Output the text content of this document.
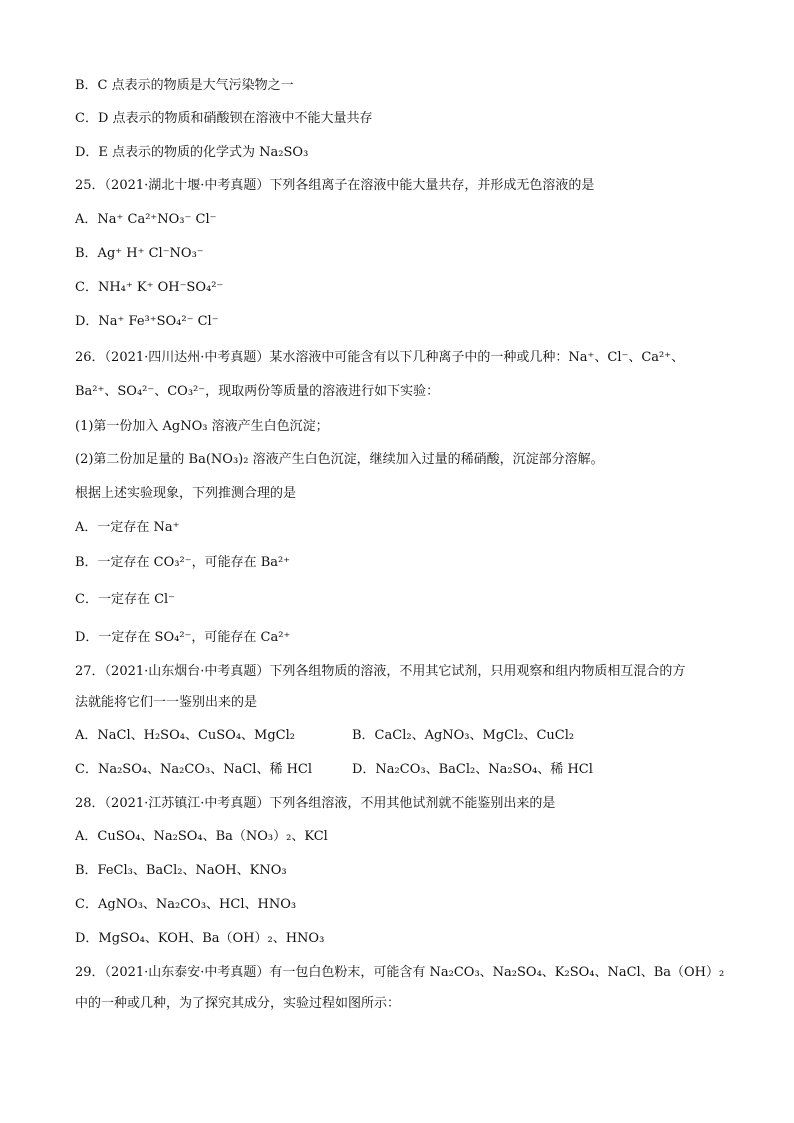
B．C 点表示的物质是大气污染物之一
C．D 点表示的物质和硝酸钡在溶液中不能大量共存
D．E 点表示的物质的化学式为 Na₂SO₃
25．（2021·湖北十堰·中考真题）下列各组离子在溶液中能大量共存，并形成无色溶液的是
A．Na⁺ Ca²⁺NO₃⁻ Cl⁻
B．Ag⁺ H⁺ Cl⁻NO₃⁻
C．NH₄⁺ K⁺ OH⁻SO₄²⁻
D．Na⁺ Fe³⁺SO₄²⁻ Cl⁻
26．（2021·四川达州·中考真题）某水溶液中可能含有以下几种离子中的一种或几种：Na⁺、Cl⁻、Ca²⁺、
Ba²⁺、SO₄²⁻、CO₃²⁻，现取两份等质量的溶液进行如下实验：
(1)第一份加入 AgNO₃ 溶液产生白色沉淀；
(2)第二份加足量的 Ba(NO₃)₂ 溶液产生白色沉淀，继续加入过量的稀硝酸，沉淀部分溶解。
根据上述实验现象，下列推测合理的是
A．一定存在 Na⁺
B．一定存在 CO₃²⁻，可能存在 Ba²⁺
C．一定存在 Cl⁻
D．一定存在 SO₄²⁻，可能存在 Ca²⁺
27．（2021·山东烟台·中考真题）下列各组物质的溶液，不用其它试剂，只用观察和组内物质相互混合的方
法就能将它们一一鉴别出来的是
A．NaCl、H₂SO₄、CuSO₄、MgCl₂	B．CaCl₂、AgNO₃、MgCl₂、CuCl₂
C．Na₂SO₄、Na₂CO₃、NaCl、稀 HCl	D．Na₂CO₃、BaCl₂、Na₂SO₄、稀 HCl
28．（2021·江苏镇江·中考真题）下列各组溶液，不用其他试剂就不能鉴别出来的是
A．CuSO₄、Na₂SO₄、Ba（NO₃）₂、KCl
B．FeCl₃、BaCl₂、NaOH、KNO₃
C．AgNO₃、Na₂CO₃、HCl、HNO₃
D．MgSO₄、KOH、Ba（OH）₂、HNO₃
29．（2021·山东泰安·中考真题）有一包白色粉末，可能含有 Na₂CO₃、Na₂SO₄、K₂SO₄、NaCl、Ba（OH）₂
中的一种或几种，为了探究其成分，实验过程如图所示：
